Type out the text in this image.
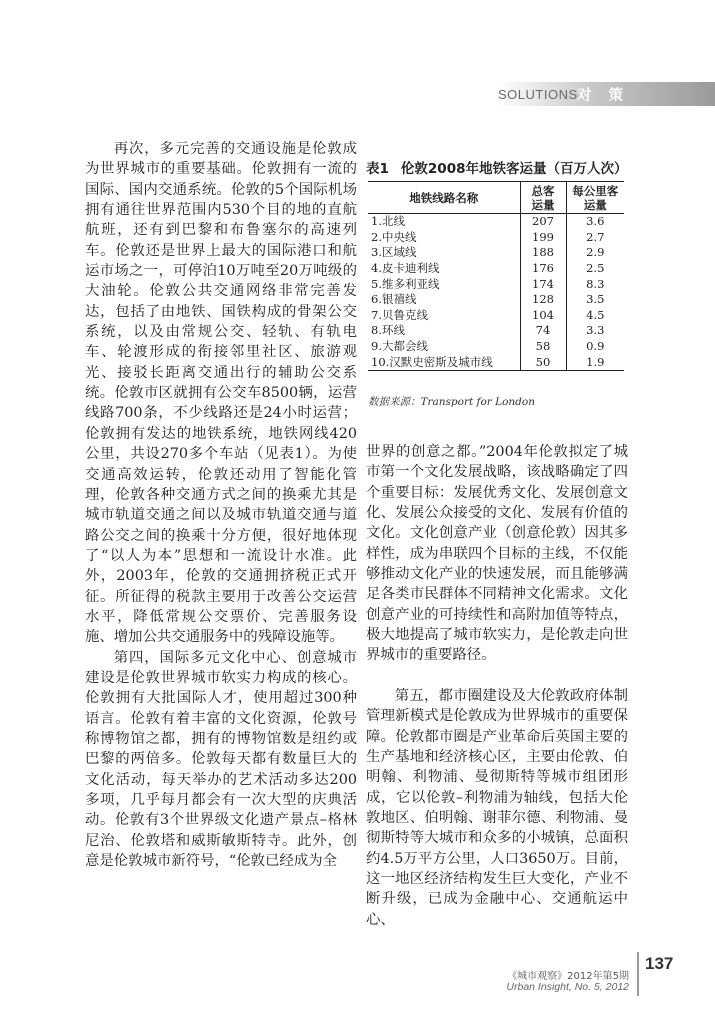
SOLUTIONS 对 策

再次，多元完善的交通设施是伦敦成为世界城市的重要基础。伦敦拥有一流的国际、国内交通系统。伦敦的5个国际机场拥有通往世界范围内530个目的地的直航航班，还有到巴黎和布鲁塞尔的高速列车。伦敦还是世界上最大的国际港口和航运市场之一，可停泊10万吨至20万吨级的大油轮。伦敦公共交通网络非常完善发达，包括了由地铁、国铁构成的骨架公交系统，以及由常规公交、轻轨、有轨电车、轮渡形成的衔接邻里社区、旅游观光、接驳长距离交通出行的辅助公交系统。伦敦市区就拥有公交车8500辆，运营线路700条，不少线路还是24小时运营；伦敦拥有发达的地铁系统，地铁网线420公里，共设270多个车站（见表1）。为使交通高效运转，伦敦还动用了智能化管理，伦敦各种交通方式之间的换乘尤其是城市轨道交通之间以及城市轨道交通与道路公交之间的换乘十分方便，很好地体现了“以人为本”思想和一流设计水准。此外，2003年，伦敦的交通拥挤税正式开征。所征得的税款主要用于改善公交运营水平，降低常规公交票价、完善服务设施、增加公共交通服务中的残障设施等。

第四，国际多元文化中心、创意城市建设是伦敦世界城市软实力构成的核心。伦敦拥有大批国际人才，使用超过300种语言。伦敦有着丰富的文化资源，伦敦号称博物馆之都，拥有的博物馆数是纽约或巴黎的两倍多。伦敦每天都有数量巨大的文化活动，每天举办的艺术活动多达200多项，几乎每月都会有一次大型的庆典活动。伦敦有3个世界级文化遗产景点–格林尼治、伦敦塔和威斯敏斯特寺。此外，创意是伦敦城市新符号，“伦敦已经成为全

表1 伦敦2008年地铁客运量（百万人次）
地铁线路名称	总客运量	每公里客运量

1.北线	207	3.6
2.中央线	199	2.7
3.区域线	188	2.9
4.皮卡迪利线	176	2.5
5.维多利亚线	174	8.3
6.银禧线	128	3.5
7.贝鲁克线	104	4.5
8.环线	74	3.3
9.大都会线	58	0.9
10.汉默史密斯及城市线	50	1.9
数据来源：Transport for London

世界的创意之都。”2004年伦敦拟定了城市第一个文化发展战略，该战略确定了四个重要目标：发展优秀文化、发展创意文化、发展公众接受的文化、发展有价值的文化。文化创意产业（创意伦敦）因其多样性，成为串联四个目标的主线，不仅能够推动文化产业的快速发展，而且能够满足各类市民群体不同精神文化需求。文化创意产业的可持续性和高附加值等特点，极大地提高了城市软实力，是伦敦走向世界城市的重要路径。

第五，都市圈建设及大伦敦政府体制管理新模式是伦敦成为世界城市的重要保障。伦敦都市圈是产业革命后英国主要的生产基地和经济核心区，主要由伦敦、伯明翰、利物浦、曼彻斯特等城市组团形成，它以伦敦–利物浦为轴线，包括大伦敦地区、伯明翰、谢菲尔德、利物浦、曼彻斯特等大城市和众多的小城镇，总面积约4.5万平方公里，人口3650万。目前，这一地区经济结构发生巨大变化，产业不断升级，已成为金融中心、交通航运中心、

《城市观察》2012年第5期
Urban Insight, No. 5, 2012
137
